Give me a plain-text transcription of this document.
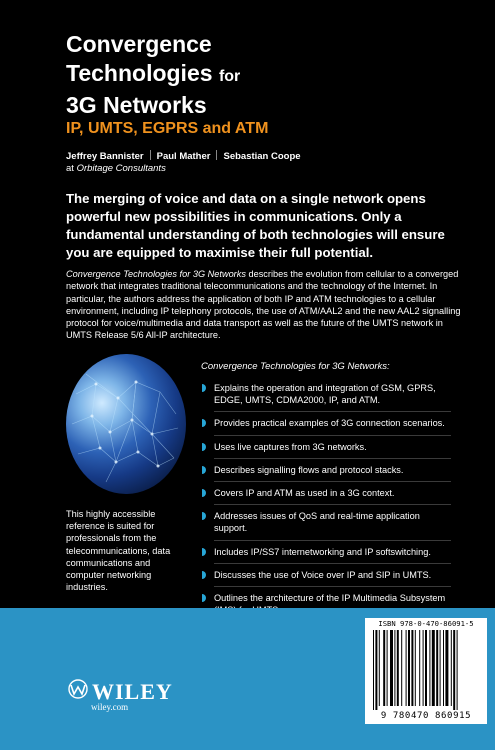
Convergence
Technologies for
3G Networks
IP, UMTS, EGPRS and ATM
Jeffrey Bannister Paul Mather Sebastian Coope
at Orbitage Consultants
The merging of voice and data on a single network opens powerful new possibilities in communications. Only a fundamental understanding of both technologies will ensure you are equipped to maximise their full potential.
Convergence Technologies for 3G Networks describes the evolution from cellular to a converged network that integrates traditional telecommunications and the technology of the Internet. In particular, the authors address the application of both IP and ATM technologies to a cellular environment, including IP telephony protocols, the use of ATM/AAL2 and the new AAL2 signalling protocol for voice/multimedia and data transport as well as the future of the UMTS network in UMTS Release 5/6 All-IP architecture.
Convergence Technologies for 3G Networks:
Explains the operation and integration of GSM, GPRS, EDGE, UMTS, CDMA2000, IP, and ATM.
Provides practical examples of 3G connection scenarios.
Uses live captures from 3G networks.
Describes signalling flows and protocol stacks.
Covers IP and ATM as used in a 3G context.
Addresses issues of QoS and real-time application support.
Includes IP/SS7 internetworking and IP softswitching.
Discusses the use of Voice over IP and SIP in UMTS.
Outlines the architecture of the IP Multimedia Subsystem
This highly accessible reference is suited for professionals from the telecommunications, data communications and computer networking industries.
ISBN 978-0-470-86091-5
9 780470 860915
WILEY
wiley.com
